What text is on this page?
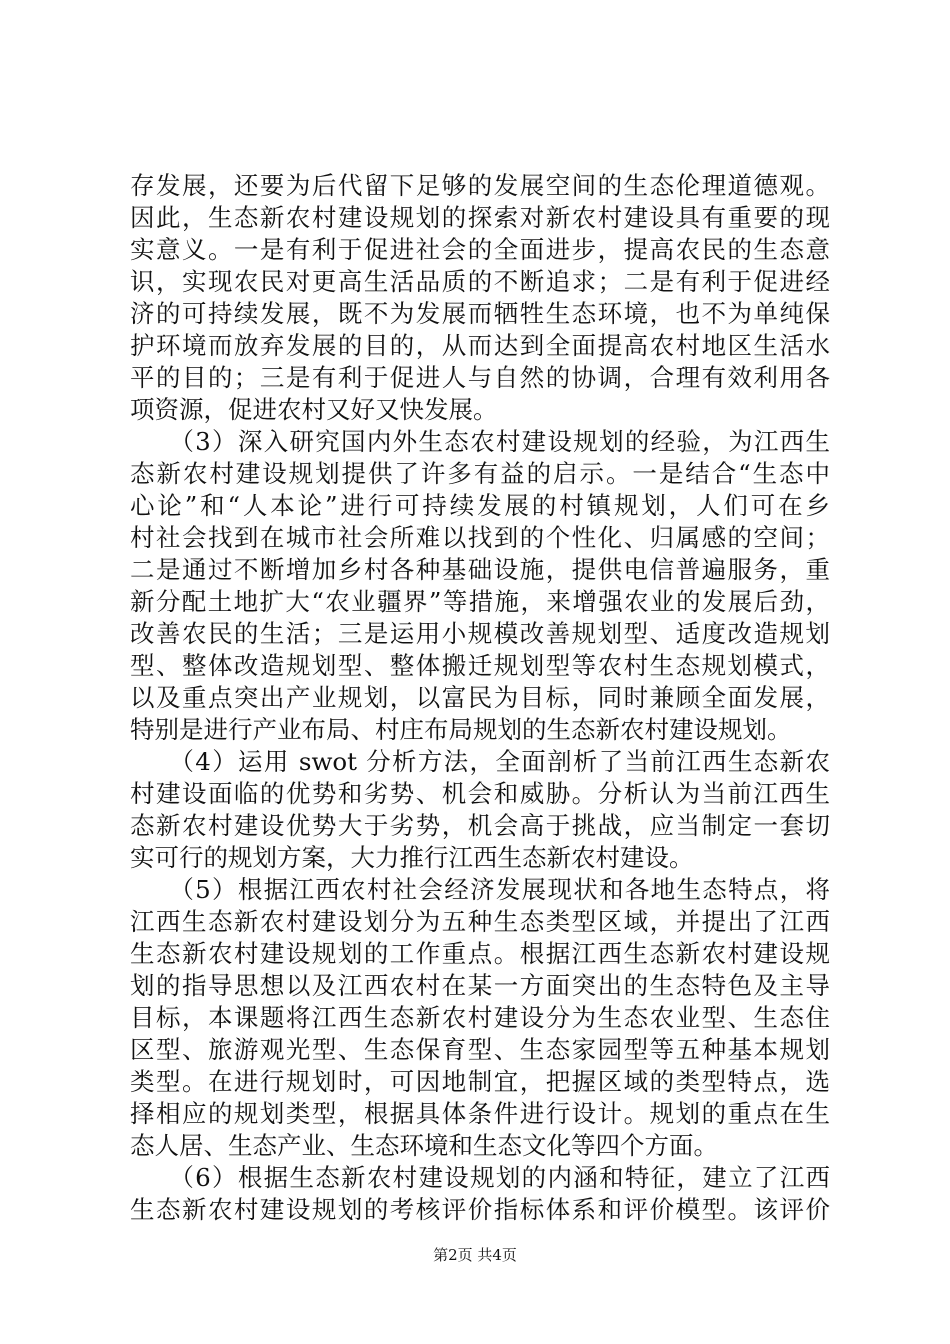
存发展，还要为后代留下足够的发展空间的生态伦理道德观。
因此，生态新农村建设规划的探索对新农村建设具有重要的现
实意义。一是有利于促进社会的全面进步，提高农民的生态意
识，实现农民对更高生活品质的不断追求；二是有利于促进经
济的可持续发展，既不为发展而牺牲生态环境，也不为单纯保
护环境而放弃发展的目的，从而达到全面提高农村地区生活水
平的目的；三是有利于促进人与自然的协调，合理有效利用各
项资源，促进农村又好又快发展。
　　（3）深入研究国内外生态农村建设规划的经验，为江西生
态新农村建设规划提供了许多有益的启示。一是结合“生态中
心论”和“人本论”进行可持续发展的村镇规划，人们可在乡
村社会找到在城市社会所难以找到的个性化、归属感的空间；
二是通过不断增加乡村各种基础设施，提供电信普遍服务，重
新分配土地扩大“农业疆界”等措施，来增强农业的发展后劲，
改善农民的生活；三是运用小规模改善规划型、适度改造规划
型、整体改造规划型、整体搬迁规划型等农村生态规划模式，
以及重点突出产业规划，以富民为目标，同时兼顾全面发展，
特别是进行产业布局、村庄布局规划的生态新农村建设规划。
　　（4）运用 swot 分析方法，全面剖析了当前江西生态新农
村建设面临的优势和劣势、机会和威胁。分析认为当前江西生
态新农村建设优势大于劣势，机会高于挑战，应当制定一套切
实可行的规划方案，大力推行江西生态新农村建设。
　　（5）根据江西农村社会经济发展现状和各地生态特点，将
江西生态新农村建设划分为五种生态类型区域，并提出了江西
生态新农村建设规划的工作重点。根据江西生态新农村建设规
划的指导思想以及江西农村在某一方面突出的生态特色及主导
目标，本课题将江西生态新农村建设分为生态农业型、生态住
区型、旅游观光型、生态保育型、生态家园型等五种基本规划
类型。在进行规划时，可因地制宜，把握区域的类型特点，选
择相应的规划类型，根据具体条件进行设计。规划的重点在生
态人居、生态产业、生态环境和生态文化等四个方面。
　　（6）根据生态新农村建设规划的内涵和特征，建立了江西
生态新农村建设规划的考核评价指标体系和评价模型。该评价
第2页 共4页
